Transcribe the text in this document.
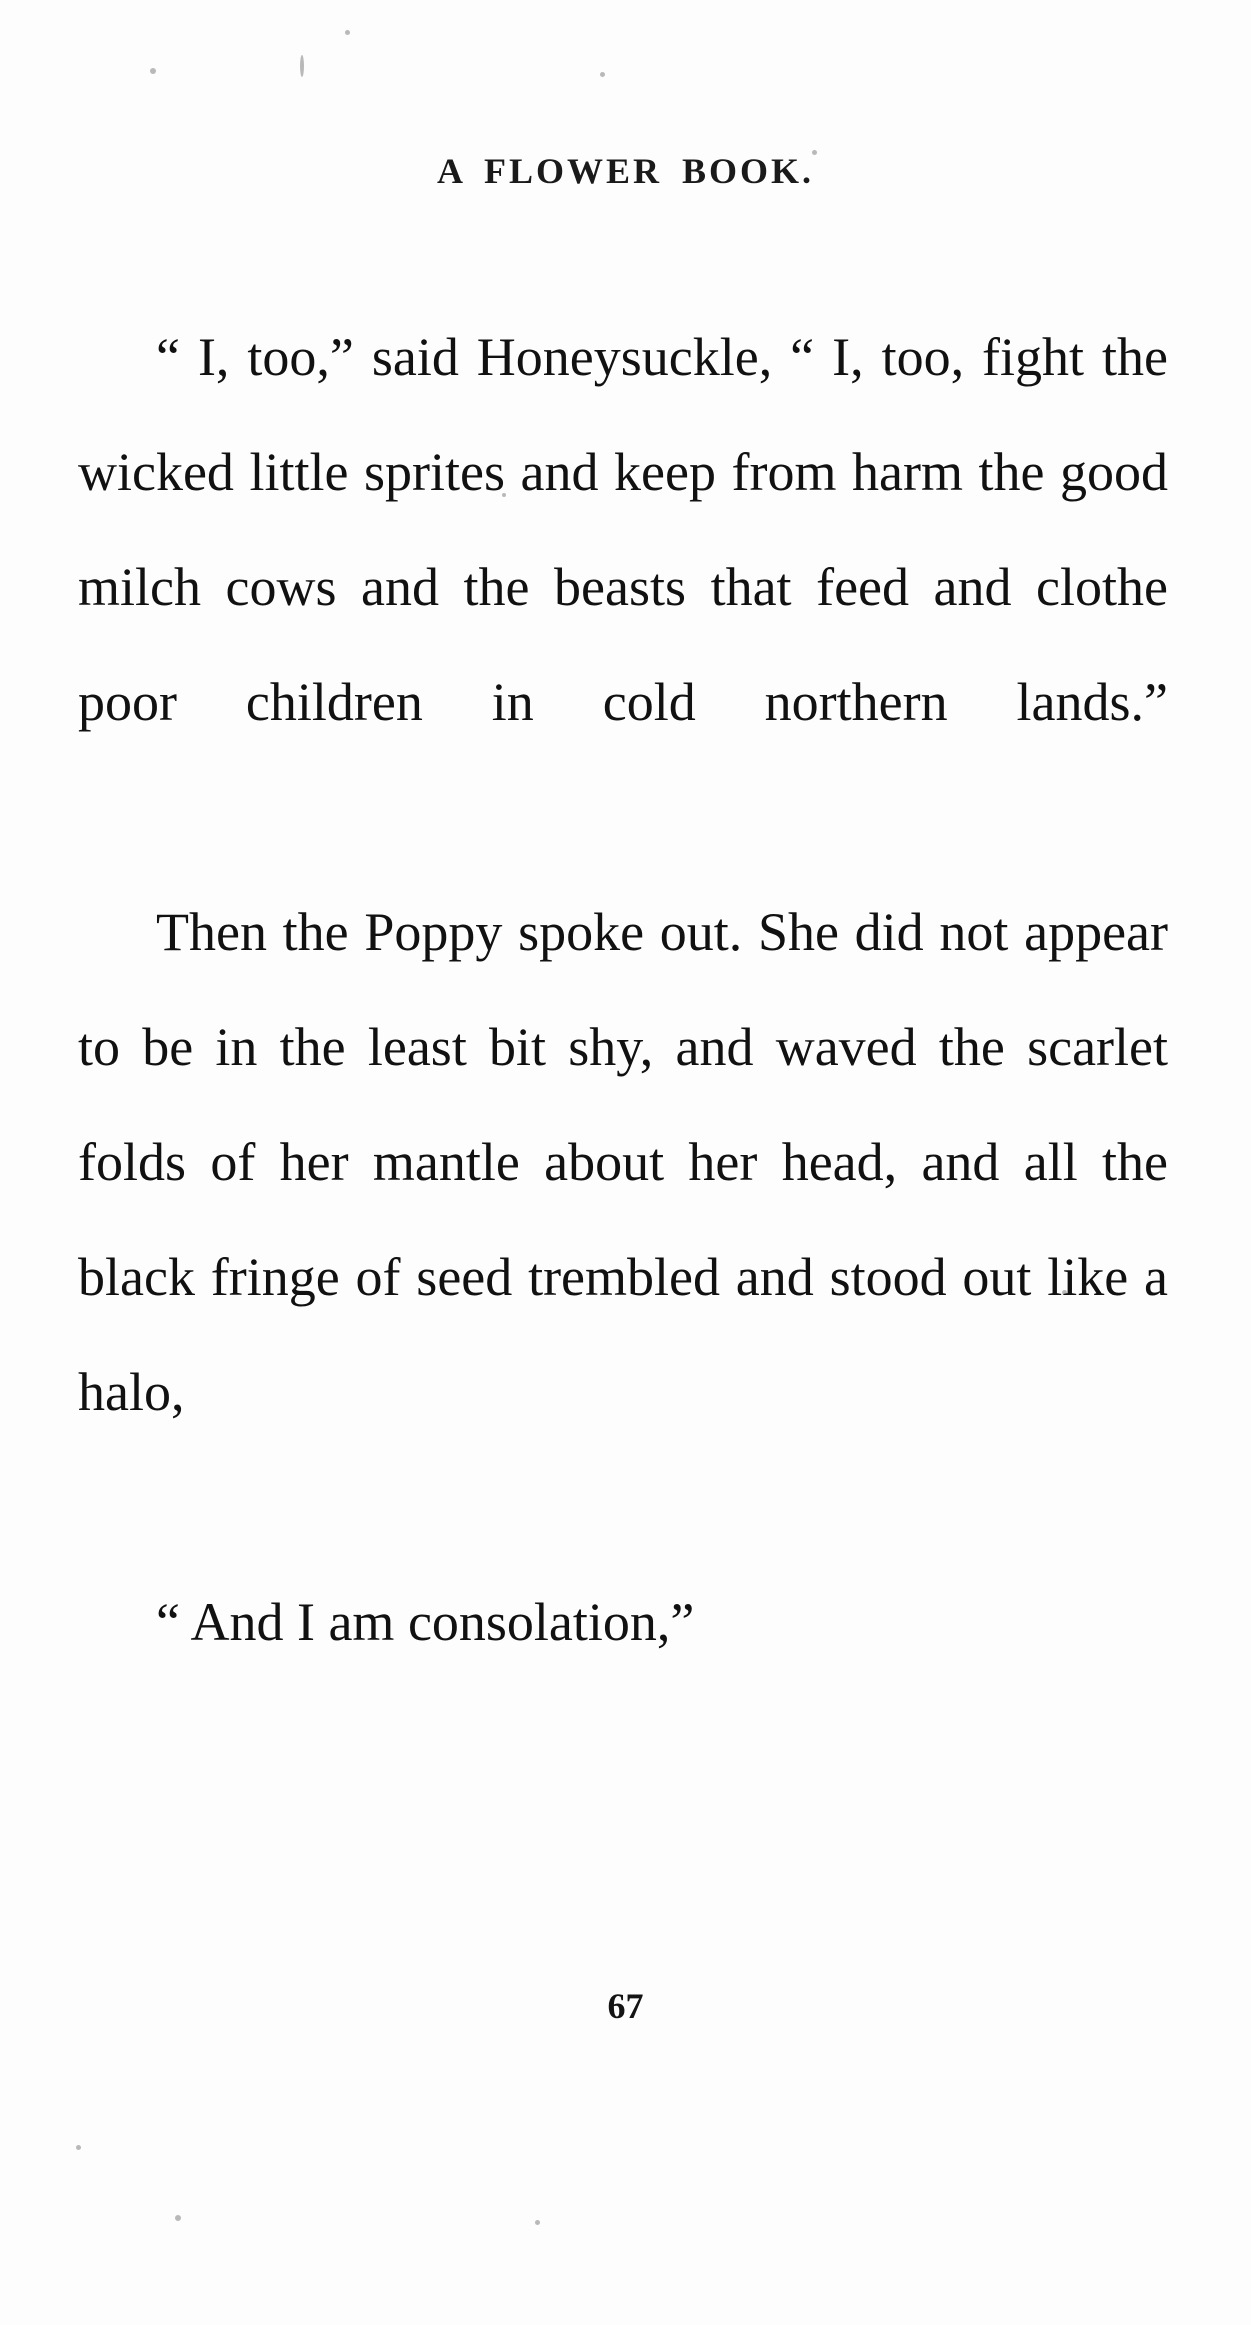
A FLOWER BOOK.

“ I, too,” said Honeysuckle, “ I, too, fight the wicked little sprites and keep from harm the good milch cows and the beasts that feed and clothe poor children in cold northern lands.”

Then the Poppy spoke out. She did not appear to be in the least bit shy, and waved the scarlet folds of her mantle about her head, and all the black fringe of seed trembled and stood out like a halo,

“ And I am consolation,”

67
